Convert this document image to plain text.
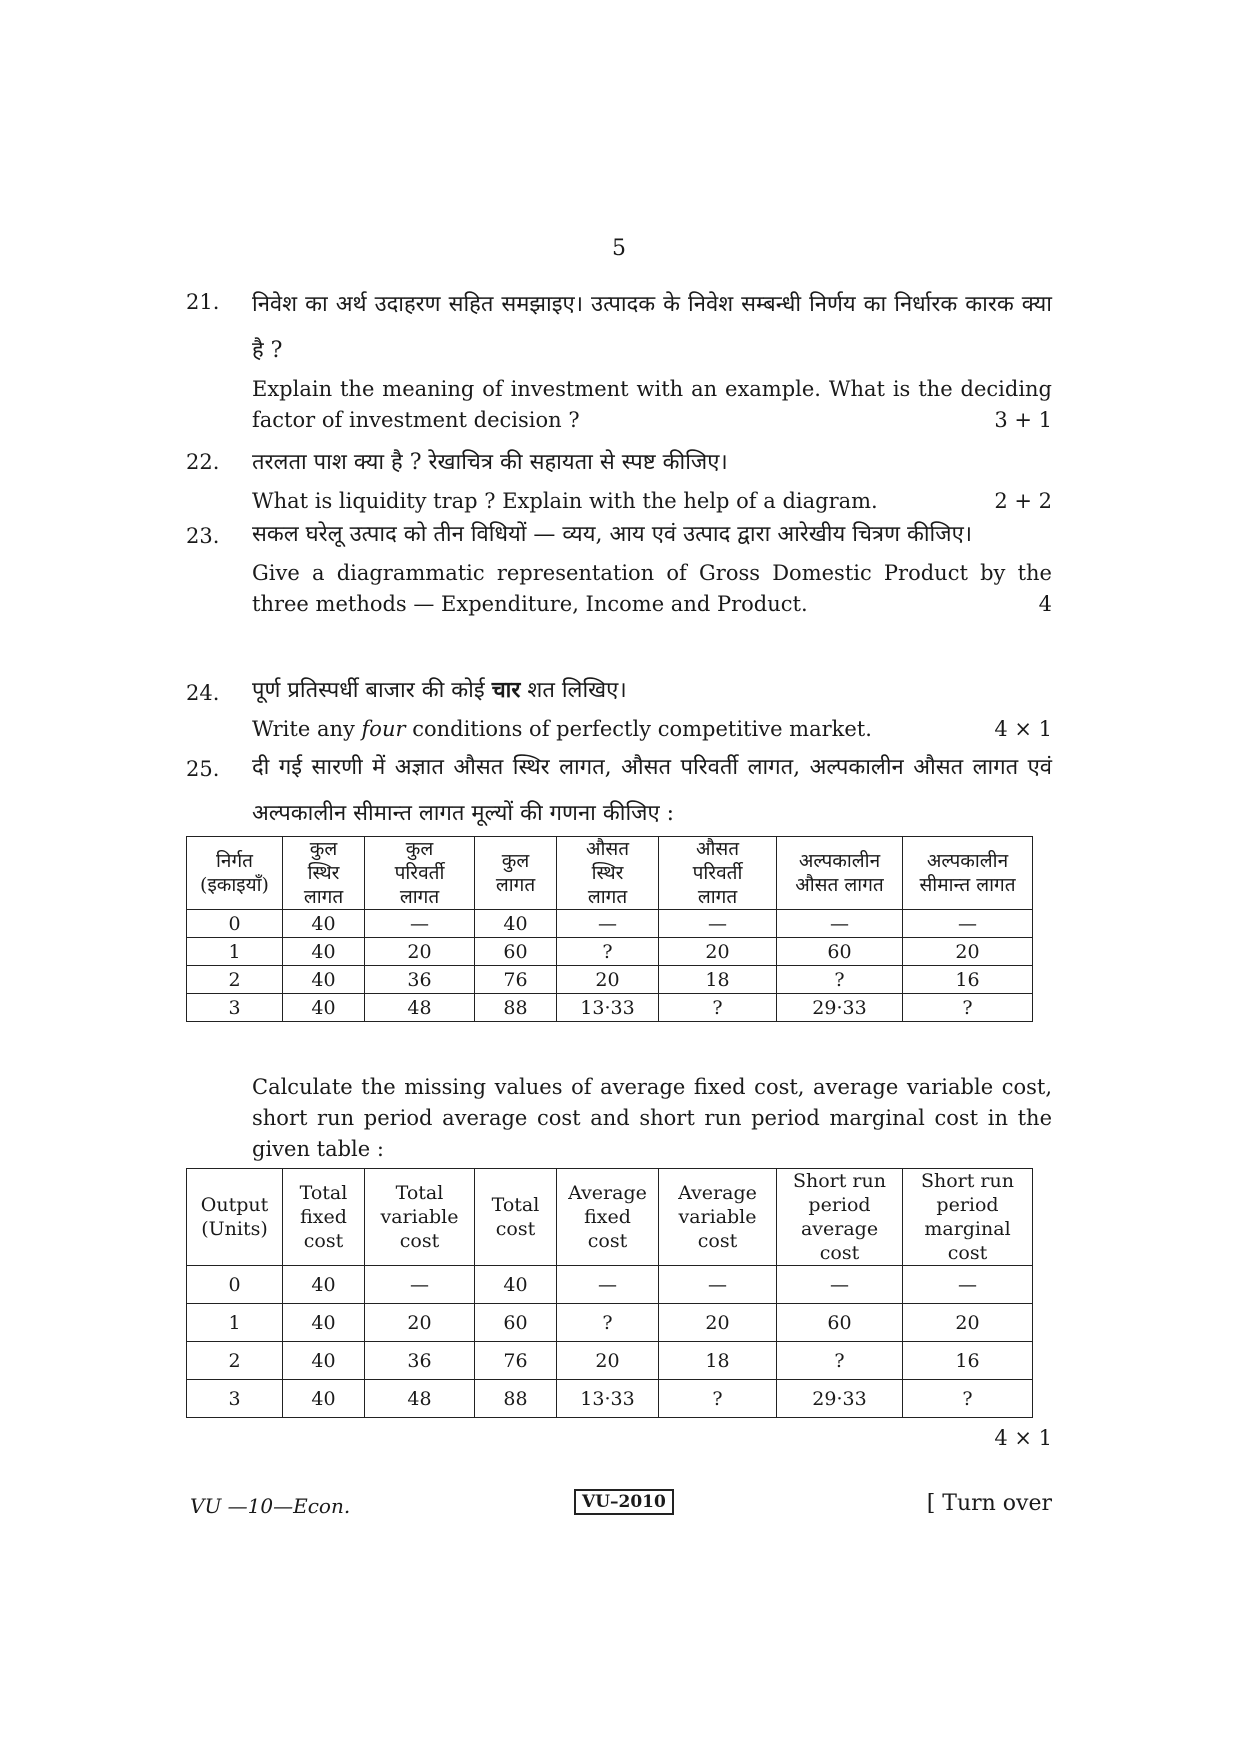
5
21. निवेश का अर्थ उदाहरण सहित समझाइए। उत्पादक के निवेश सम्बन्धी निर्णय का निर्धारक कारक क्या है ?
Explain the meaning of investment with an example. What is the deciding factor of investment decision ?	3 + 1
22. तरलता पाश क्या है ? रेखाचित्र की सहायता से स्पष्ट कीजिए।
What is liquidity trap ? Explain with the help of a diagram.	2 + 2
23. सकल घरेलू उत्पाद को तीन विधियों — व्यय, आय एवं उत्पाद द्वारा आरेखीय चित्रण कीजिए।
Give a diagrammatic representation of Gross Domestic Product by the three methods — Expenditure, Income and Product.	4
24. पूर्ण प्रतिस्पर्धी बाजार की कोई चार शत लिखिए।
Write any four conditions of perfectly competitive market.	4 × 1
25. दी गई सारणी में अज्ञात औसत स्थिर लागत, औसत परिवर्ती लागत, अल्पकालीन औसत लागत एवं अल्पकालीन सीमान्त लागत मूल्यों की गणना कीजिए :
निर्गत
(इकाइयाँ)	कुल
स्थिर
लागत	कुल
परिवर्ती
लागत	कुल
लागत	औसत
स्थिर
लागत	औसत
परिवर्ती
लागत	अल्पकालीन
औसत लागत	अल्पकालीन
सीमान्त लागत
0	40	—	40	—	—	—	—
1	40	20	60	?	20	60	20
2	40	36	76	20	18	?	16
3	40	48	88	13·33	?	29·33	?
Calculate the missing values of average fixed cost, average variable cost, short run period average cost and short run period marginal cost in the given table :
Output
(Units)	Total
fixed
cost	Total
variable
cost	Total
cost	Average
fixed
cost	Average
variable
cost	Short run
period
average
cost	Short run
period
marginal
cost
0	40	—	40	—	—	—	—
1	40	20	60	?	20	60	20
2	40	36	76	20	18	?	16
3	40	48	88	13·33	?	29·33	?
4 × 1
VU —10—Econ.	VU–2010	[ Turn over
